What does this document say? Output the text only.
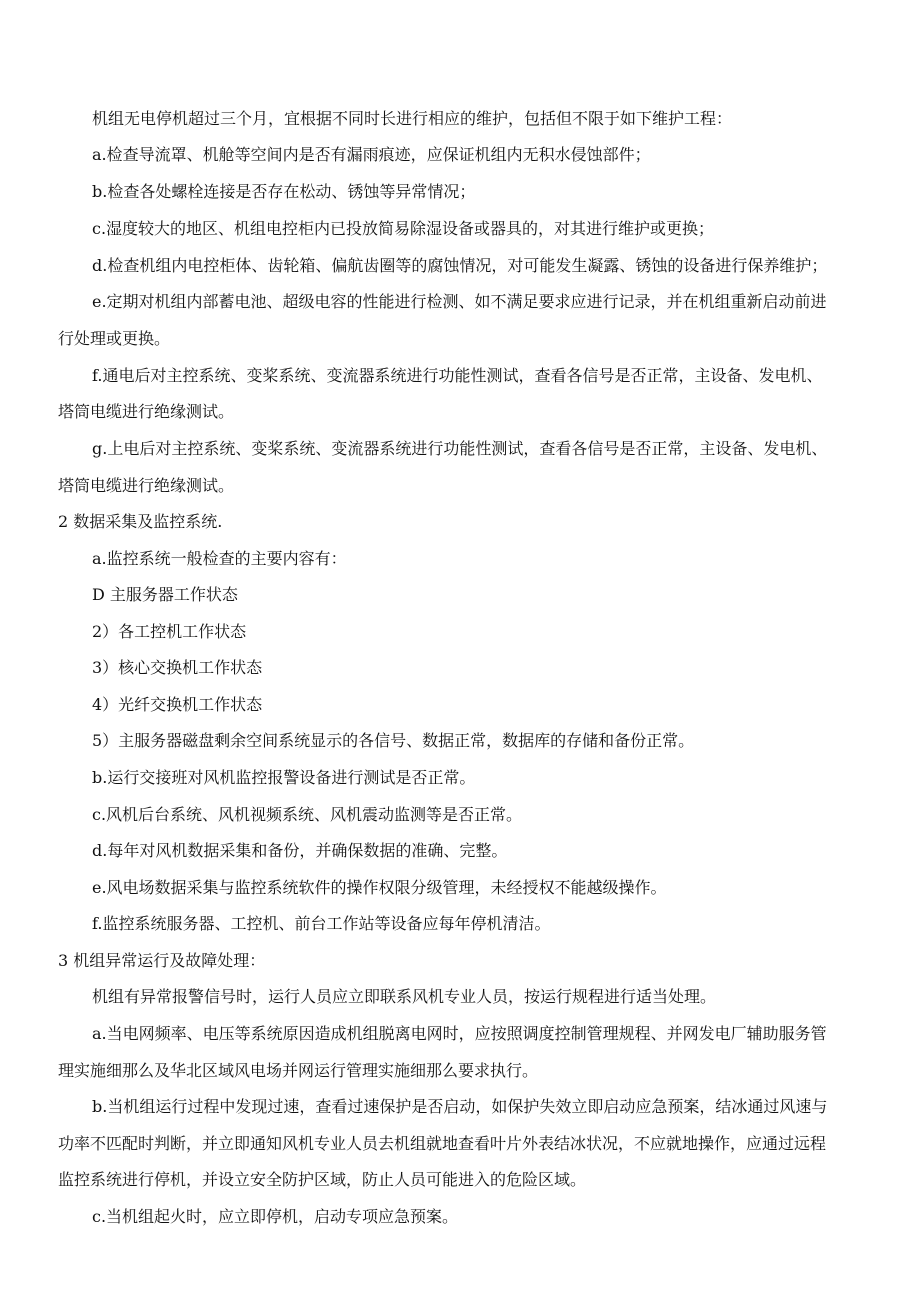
机组无电停机超过三个月，宜根据不同时长进行相应的维护，包括但不限于如下维护工程：
a.检查导流罩、机舱等空间内是否有漏雨痕迹，应保证机组内无积水侵蚀部件；
b.检查各处螺栓连接是否存在松动、锈蚀等异常情况；
c.湿度较大的地区、机组电控柜内已投放简易除湿设备或器具的，对其进行维护或更换；
d.检查机组内电控柜体、齿轮箱、偏航齿圈等的腐蚀情况，对可能发生凝露、锈蚀的设备进行保养维护；
e.定期对机组内部蓄电池、超级电容的性能进行检测、如不满足要求应进行记录，并在机组重新启动前进
行处理或更换。
f.通电后对主控系统、变桨系统、变流器系统进行功能性测试，查看各信号是否正常，主设备、发电机、
塔筒电缆进行绝缘测试。
g.上电后对主控系统、变桨系统、变流器系统进行功能性测试，查看各信号是否正常，主设备、发电机、
塔筒电缆进行绝缘测试。
2 数据采集及监控系统.
a.监控系统一般检查的主要内容有：
D 主服务器工作状态
2）各工控机工作状态
3）核心交换机工作状态
4）光纤交换机工作状态
5）主服务器磁盘剩余空间系统显示的各信号、数据正常，数据库的存储和备份正常。
b.运行交接班对风机监控报警设备进行测试是否正常。
c.风机后台系统、风机视频系统、风机震动监测等是否正常。
d.每年对风机数据采集和备份，并确保数据的准确、完整。
e.风电场数据采集与监控系统软件的操作权限分级管理，未经授权不能越级操作。
f.监控系统服务器、工控机、前台工作站等设备应每年停机清洁。
3 机组异常运行及故障处理：
机组有异常报警信号时，运行人员应立即联系风机专业人员，按运行规程进行适当处理。
a.当电网频率、电压等系统原因造成机组脱离电网时，应按照调度控制管理规程、并网发电厂辅助服务管
理实施细那么及华北区域风电场并网运行管理实施细那么要求执行。
b.当机组运行过程中发现过速，查看过速保护是否启动，如保护失效立即启动应急预案，结冰通过风速与
功率不匹配时判断，并立即通知风机专业人员去机组就地查看叶片外表结冰状况，不应就地操作，应通过远程
监控系统进行停机，并设立安全防护区域，防止人员可能进入的危险区域。
c.当机组起火时，应立即停机，启动专项应急预案。
